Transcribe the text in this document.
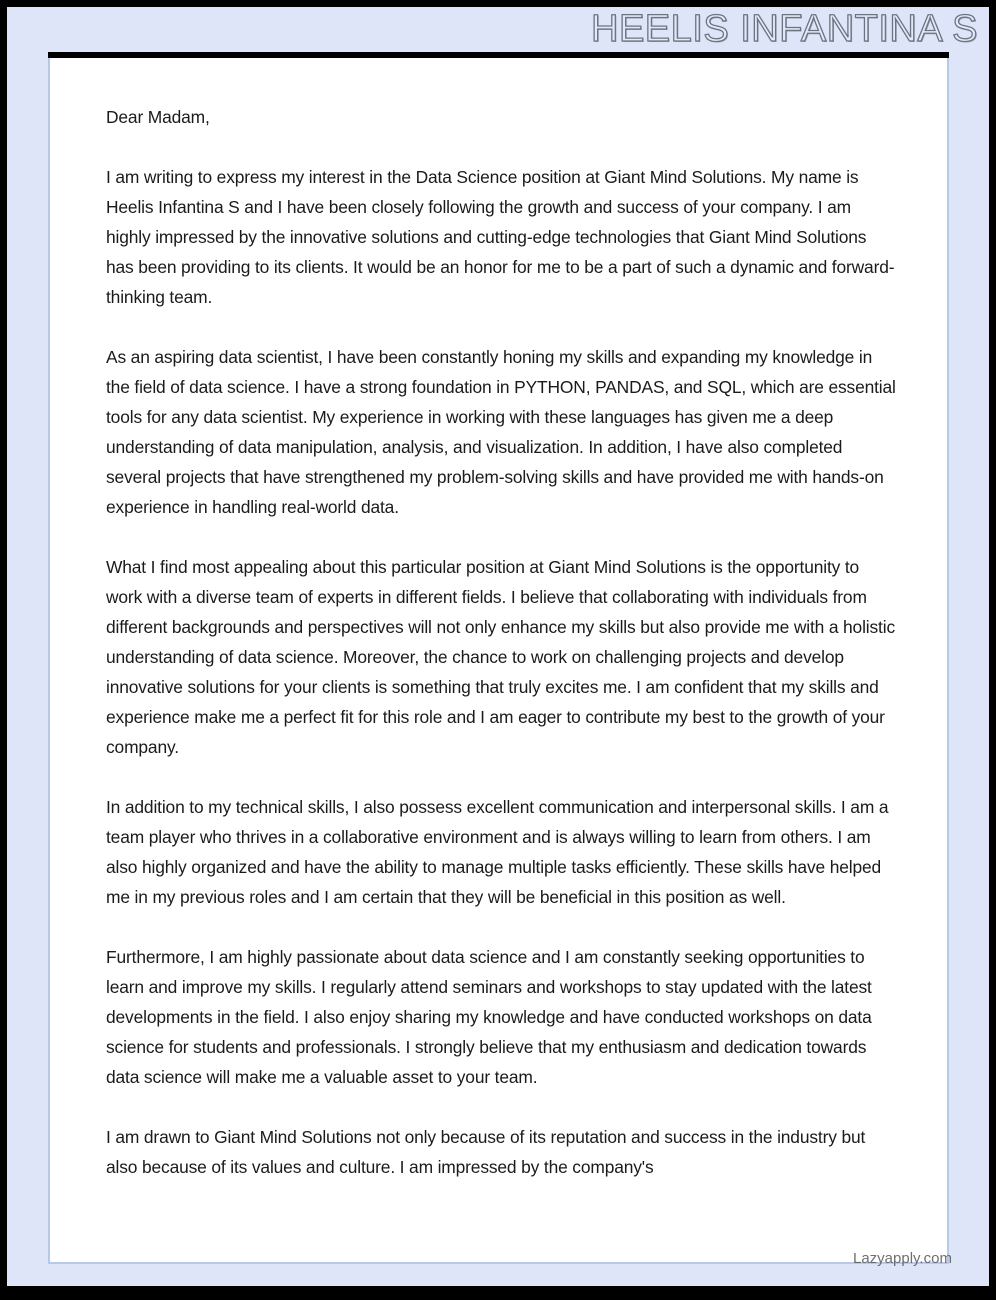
HEELIS INFANTINA S

Dear Madam,

I am writing to express my interest in the Data Science position at Giant Mind Solutions. My name is Heelis Infantina S and I have been closely following the growth and success of your company. I am highly impressed by the innovative solutions and cutting-edge technologies that Giant Mind Solutions has been providing to its clients. It would be an honor for me to be a part of such a dynamic and forward-thinking team.

As an aspiring data scientist, I have been constantly honing my skills and expanding my knowledge in the field of data science. I have a strong foundation in PYTHON, PANDAS, and SQL, which are essential tools for any data scientist. My experience in working with these languages has given me a deep understanding of data manipulation, analysis, and visualization. In addition, I have also completed several projects that have strengthened my problem-solving skills and have provided me with hands-on experience in handling real-world data.

What I find most appealing about this particular position at Giant Mind Solutions is the opportunity to work with a diverse team of experts in different fields. I believe that collaborating with individuals from different backgrounds and perspectives will not only enhance my skills but also provide me with a holistic understanding of data science. Moreover, the chance to work on challenging projects and develop innovative solutions for your clients is something that truly excites me. I am confident that my skills and experience make me a perfect fit for this role and I am eager to contribute my best to the growth of your company.

In addition to my technical skills, I also possess excellent communication and interpersonal skills. I am a team player who thrives in a collaborative environment and is always willing to learn from others. I am also highly organized and have the ability to manage multiple tasks efficiently. These skills have helped me in my previous roles and I am certain that they will be beneficial in this position as well.

Furthermore, I am highly passionate about data science and I am constantly seeking opportunities to learn and improve my skills. I regularly attend seminars and workshops to stay updated with the latest developments in the field. I also enjoy sharing my knowledge and have conducted workshops on data science for students and professionals. I strongly believe that my enthusiasm and dedication towards data science will make me a valuable asset to your team.

I am drawn to Giant Mind Solutions not only because of its reputation and success in the industry but also because of its values and culture. I am impressed by the company's

Lazyapply.com
